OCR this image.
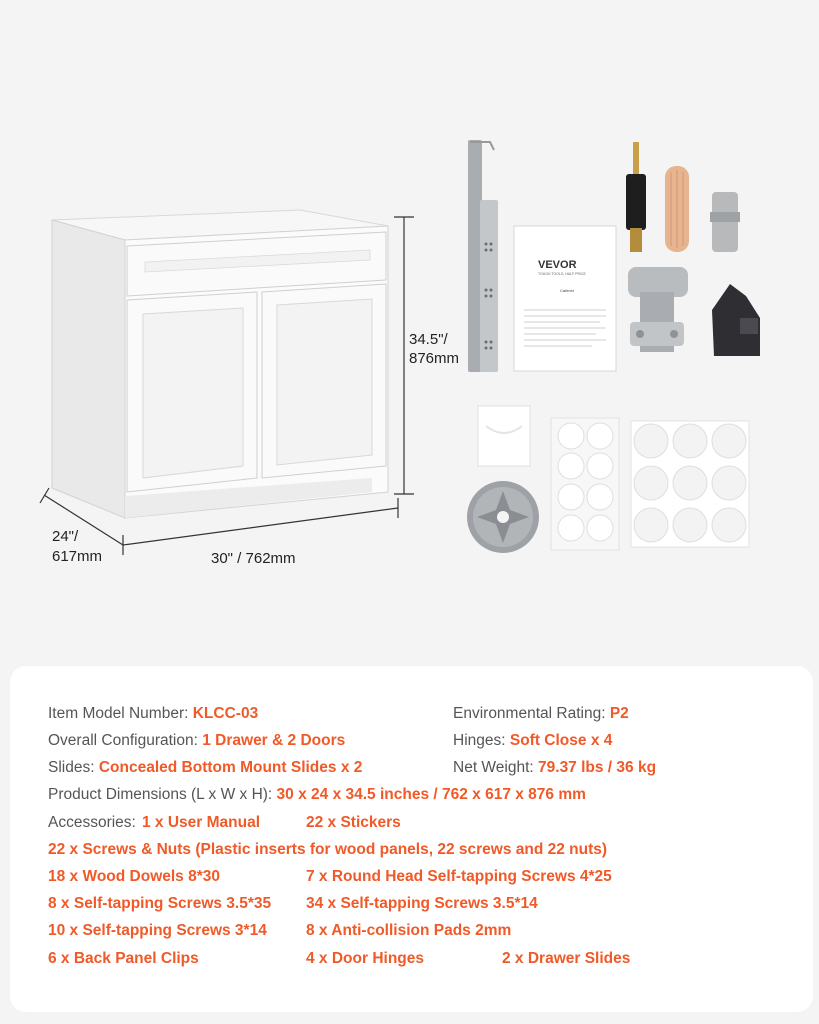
34.5"/
876mm
24"/
617mm	30" / 762mm
VEVOR
TOUGH TOOLS, HALF PRICE
Cabinet
Item Model Number: KLCC-03	Environmental Rating: P2
Overall Configuration: 1 Drawer & 2 Doors	Hinges: Soft Close x 4
Slides: Concealed Bottom Mount Slides x 2	Net Weight: 79.37 lbs / 36 kg
Product Dimensions (L x W x H): 30 x 24 x 34.5 inches / 762 x 617 x 876 mm
Accessories: 1 x User Manual	22 x Stickers
22 x Screws & Nuts (Plastic inserts for wood panels, 22 screws and 22 nuts)
18 x Wood Dowels 8*30	7 x Round Head Self-tapping Screws 4*25
8 x Self-tapping Screws 3.5*35 34 x Self-tapping Screws 3.5*14
10 x Self-tapping Screws 3*14	8 x Anti-collision Pads 2mm
6 x Back Panel Clips	4 x Door Hinges	2 x Drawer Slides
